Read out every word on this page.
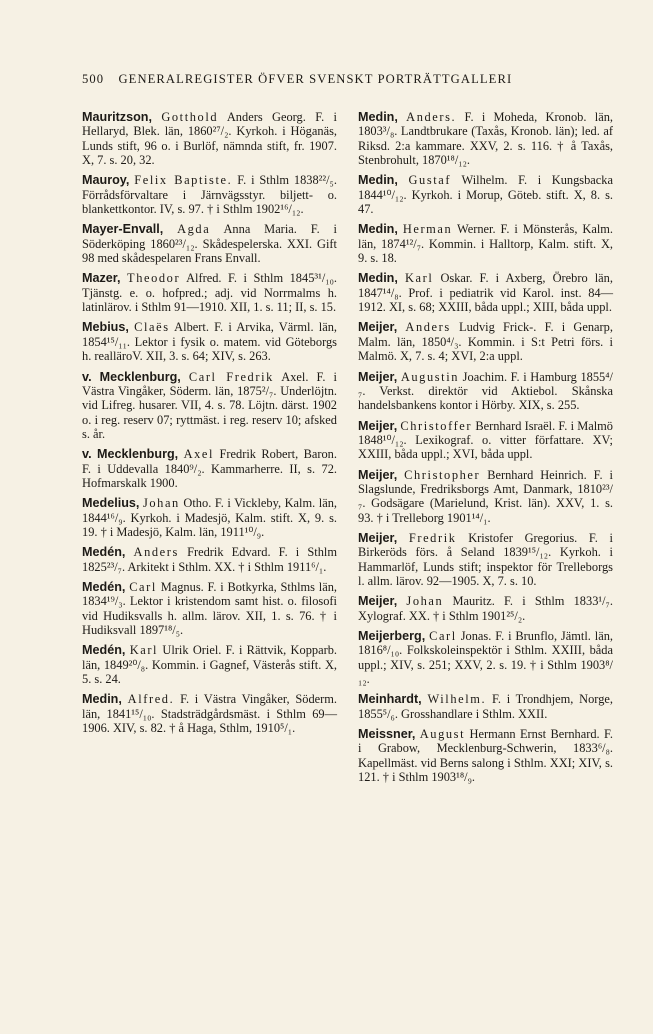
500 GENERALREGISTER ÖFVER SVENSKT PORTRÄTTGALLERI

Mauritzson, Gotthold Anders Georg. F. i Hellaryd, Blek. län, 1860²⁷/₂. Kyrkoh. i Höganäs, Lunds stift, 96 o. i Burlöf, nämnda stift, fr. 1907. X, 7. s. 20, 32.

Mauroy, Felix Baptiste. F. i Sthlm 1838²²/₅. Förrådsförvaltare i Järnvägsstyr. biljett- o. blankettkontor. IV, s. 97. † i Sthlm 1902¹⁶/₁₂.

Mayer-Envall, Agda Anna Maria. F. i Söderköping 1860²³/₁₂. Skådespelerska. XXI. Gift 98 med skådespelaren Frans Envall.

Mazer, Theodor Alfred. F. i Sthlm 1845³¹/₁₀. Tjänstg. e. o. hofpred.; adj. vid Norrmalms h. latinlärov. i Sthlm 91—1910. XII, 1. s. 11; II, s. 15.

Mebius, Claës Albert. F. i Arvika, Värml. län, 1854¹⁵/₁₁. Lektor i fysik o. matem. vid Göteborgs h. realläroV. XII, 3. s. 64; XIV, s. 263.

v. Mecklenburg, Carl Fredrik Axel. F. i Västra Vingåker, Söderm. län, 1875²/₇. Underlöjtn. vid Lifreg. husarer. VII, 4. s. 78. Löjtn. därst. 1902 o. i reg. reserv 07; ryttmäst. i reg. reserv 10; afsked s. år.

v. Mecklenburg, Axel Fredrik Robert, Baron. F. i Uddevalla 1840⁹/₂. Kammarherre. II, s. 72. Hofmarskalk 1900.

Medelius, Johan Otho. F. i Vickleby, Kalm. län, 1844¹⁶/₉. Kyrkoh. i Madesjö, Kalm. stift. X, 9. s. 19. † i Madesjö, Kalm. län, 1911¹⁰/₉.

Medén, Anders Fredrik Edvard. F. i Sthlm 1825²³/₇. Arkitekt i Sthlm. XX. † i Sthlm 1911⁶/₁.

Medén, Carl Magnus. F. i Botkyrka, Sthlms län, 1834¹⁹/₃. Lektor i kristendom samt hist. o. filosofi vid Hudiksvalls h. allm. lärov. XII, 1. s. 76. † i Hudiksvall 1897¹⁸/₅.

Medén, Karl Ulrik Oriel. F. i Rättvik, Kopparb. län, 1849²⁰/₈. Kommin. i Gagnef, Västerås stift. X, 5. s. 24.

Medin, Alfred. F. i Västra Vingåker, Söderm. län, 1841¹⁵/₁₀. Stadsträdgårdsmäst. i Sthlm 69—1906. XIV, s. 82. † å Haga, Sthlm, 1910⁵/₁.

Medin, Anders. F. i Moheda, Kronob. län, 1803³/₈. Landtbrukare (Taxås, Kronob. län); led. af Riksd. 2:a kammare. XXV, 2. s. 116. † å Taxås, Stenbrohult, 1870¹⁸/₁₂.

Medin, Gustaf Wilhelm. F. i Kungsbacka 1844¹⁰/₁₂. Kyrkoh. i Morup, Göteb. stift. X, 8. s. 47.

Medin, Herman Werner. F. i Mönsterås, Kalm. län, 1874¹²/₇. Kommin. i Halltorp, Kalm. stift. X, 9. s. 18.

Medin, Karl Oskar. F. i Axberg, Örebro län, 1847¹⁴/₈. Prof. i pediatrik vid Karol. inst. 84—1912. XI, s. 68; XXIII, båda uppl.; XIII, båda uppl.

Meijer, Anders Ludvig Frick-. F. i Genarp, Malm. län, 1850⁴/₃. Kommin. i S:t Petri förs. i Malmö. X, 7. s. 4; XVI, 2:a uppl.

Meijer, Augustin Joachim. F. i Hamburg 1855⁴/₇. Verkst. direktör vid Aktiebol. Skånska handelsbankens kontor i Hörby. XIX, s. 255.

Meijer, Christoffer Bernhard Israël. F. i Malmö 1848¹⁰/₁₂. Lexikograf. o. vitter författare. XV; XXIII, båda uppl.; XVI, båda uppl.

Meijer, Christopher Bernhard Heinrich. F. i Slagslunde, Fredriksborgs Amt, Danmark, 1810²³/₇. Godsägare (Marielund, Krist. län). XXV, 1. s. 93. † i Trelleborg 1901¹⁴/₁.

Meijer, Fredrik Kristofer Gregorius. F. i Birkeröds förs. å Seland 1839¹⁵/₁₂. Kyrkoh. i Hammarlöf, Lunds stift; inspektor för Trelleborgs l. allm. lärov. 92—1905. X, 7. s. 10.

Meijer, Johan Mauritz. F. i Sthlm 1833¹/₇. Xylograf. XX. † i Sthlm 1901²⁵/₂.

Meijerberg, Carl Jonas. F. i Brunflo, Jämtl. län, 1816⁸/₁₀. Folkskoleinspektör i Sthlm. XXIII, båda uppl.; XIV, s. 251; XXV, 2. s. 19. † i Sthlm 1903⁸/₁₂.

Meinhardt, Wilhelm. F. i Trondhjem, Norge, 1855⁵/₆. Grosshandlare i Sthlm. XXII.

Meissner, August Hermann Ernst Bernhard. F. i Grabow, Mecklenburg-Schwerin, 1833⁶/₈. Kapellmäst. vid Berns salong i Sthlm. XXI; XIV, s. 121. † i Sthlm 1903¹⁸/₉.
